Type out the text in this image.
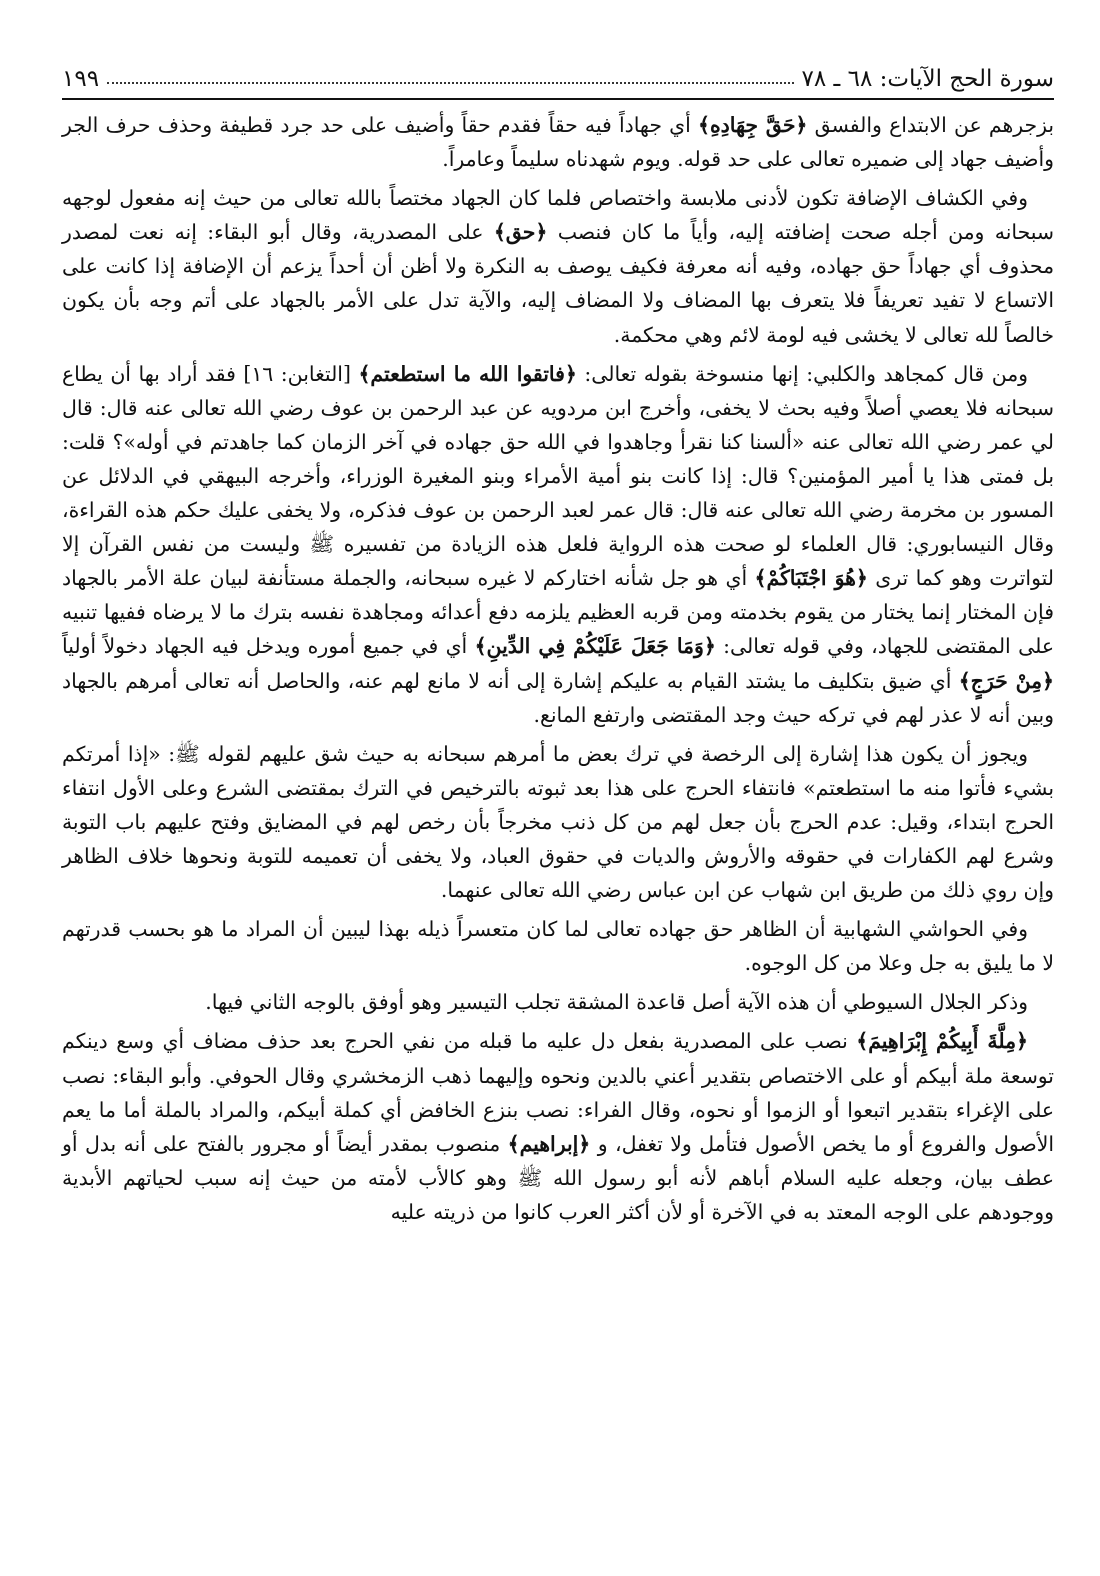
سورة الحج الآيات: ٦٨ ـ ٧٨
١٩٩

بزجرهم عن الابتداع والفسق ﴿حَقَّ جِهَادِهِ﴾ أي جهاداً فيه حقاً فقدم حقاً وأضيف على حد جرد قطيفة وحذف حرف الجر وأضيف جهاد إلى ضميره تعالى على حد قوله. ويوم شهدناه سليماً وعامراً.

وفي الكشاف الإضافة تكون لأدنى ملابسة واختصاص فلما كان الجهاد مختصاً بالله تعالى من حيث إنه مفعول لوجهه سبحانه ومن أجله صحت إضافته إليه، وأياً ما كان فنصب ﴿حق﴾ على المصدرية، وقال أبو البقاء: إنه نعت لمصدر محذوف أي جهاداً حق جهاده، وفيه أنه معرفة فكيف يوصف به النكرة ولا أظن أن أحداً يزعم أن الإضافة إذا كانت على الاتساع لا تفيد تعريفاً فلا يتعرف بها المضاف ولا المضاف إليه، والآية تدل على الأمر بالجهاد على أتم وجه بأن يكون خالصاً لله تعالى لا يخشى فيه لومة لائم وهي محكمة.

ومن قال كمجاهد والكلبي: إنها منسوخة بقوله تعالى: ﴿فاتقوا الله ما استطعتم﴾ [التغابن: ١٦] فقد أراد بها أن يطاع سبحانه فلا يعصي أصلاً وفيه بحث لا يخفى، وأخرج ابن مردويه عن عبد الرحمن بن عوف رضي الله تعالى عنه قال: قال لي عمر رضي الله تعالى عنه «ألسنا كنا نقرأ وجاهدوا في الله حق جهاده في آخر الزمان كما جاهدتم في أوله»؟ قلت: بل فمتى هذا يا أمير المؤمنين؟ قال: إذا كانت بنو أمية الأمراء وبنو المغيرة الوزراء، وأخرجه البيهقي في الدلائل عن المسور بن مخرمة رضي الله تعالى عنه قال: قال عمر لعبد الرحمن بن عوف فذكره، ولا يخفى عليك حكم هذه القراءة، وقال النيسابوري: قال العلماء لو صحت هذه الرواية فلعل هذه الزيادة من تفسيره ﷺ وليست من نفس القرآن إلا لتواترت وهو كما ترى ﴿هُوَ اجْتَبَاكُمْ﴾ أي هو جل شأنه اختاركم لا غيره سبحانه، والجملة مستأنفة لبيان علة الأمر بالجهاد فإن المختار إنما يختار من يقوم بخدمته ومن قربه العظيم يلزمه دفع أعدائه ومجاهدة نفسه بترك ما لا يرضاه ففيها تنبيه على المقتضى للجهاد، وفي قوله تعالى: ﴿وَمَا جَعَلَ عَلَيْكُمْ فِي الدِّينِ﴾ أي في جميع أموره ويدخل فيه الجهاد دخولاً أولياً ﴿مِنْ حَرَجٍ﴾ أي ضيق بتكليف ما يشتد القيام به عليكم إشارة إلى أنه لا مانع لهم عنه، والحاصل أنه تعالى أمرهم بالجهاد وبين أنه لا عذر لهم في تركه حيث وجد المقتضى وارتفع المانع.

ويجوز أن يكون هذا إشارة إلى الرخصة في ترك بعض ما أمرهم سبحانه به حيث شق عليهم لقوله ﷺ: «إذا أمرتكم بشيء فأتوا منه ما استطعتم» فانتفاء الحرج على هذا بعد ثبوته بالترخيص في الترك بمقتضى الشرع وعلى الأول انتفاء الحرج ابتداء، وقيل: عدم الحرج بأن جعل لهم من كل ذنب مخرجاً بأن رخص لهم في المضايق وفتح عليهم باب التوبة وشرع لهم الكفارات في حقوقه والأروش والديات في حقوق العباد، ولا يخفى أن تعميمه للتوبة ونحوها خلاف الظاهر وإن روي ذلك من طريق ابن شهاب عن ابن عباس رضي الله تعالى عنهما.

وفي الحواشي الشهابية أن الظاهر حق جهاده تعالى لما كان متعسراً ذيله بهذا ليبين أن المراد ما هو بحسب قدرتهم لا ما يليق به جل وعلا من كل الوجوه.

وذكر الجلال السيوطي أن هذه الآية أصل قاعدة المشقة تجلب التيسير وهو أوفق بالوجه الثاني فيها.

﴿مِلَّةَ أَبِيكُمْ إِبْرَاهِيمَ﴾ نصب على المصدرية بفعل دل عليه ما قبله من نفي الحرج بعد حذف مضاف أي وسع دينكم توسعة ملة أبيكم أو على الاختصاص بتقدير أعني بالدين ونحوه وإليهما ذهب الزمخشري وقال الحوفي. وأبو البقاء: نصب على الإغراء بتقدير اتبعوا أو الزموا أو نحوه، وقال الفراء: نصب بنزع الخافض أي كملة أبيكم، والمراد بالملة أما ما يعم الأصول والفروع أو ما يخص الأصول فتأمل ولا تغفل، و ﴿إبراهيم﴾ منصوب بمقدر أيضاً أو مجرور بالفتح على أنه بدل أو عطف بيان، وجعله عليه السلام أباهم لأنه أبو رسول الله ﷺ وهو كالأب لأمته من حيث إنه سبب لحياتهم الأبدية ووجودهم على الوجه المعتد به في الآخرة أو لأن أكثر العرب كانوا من ذريته عليه
